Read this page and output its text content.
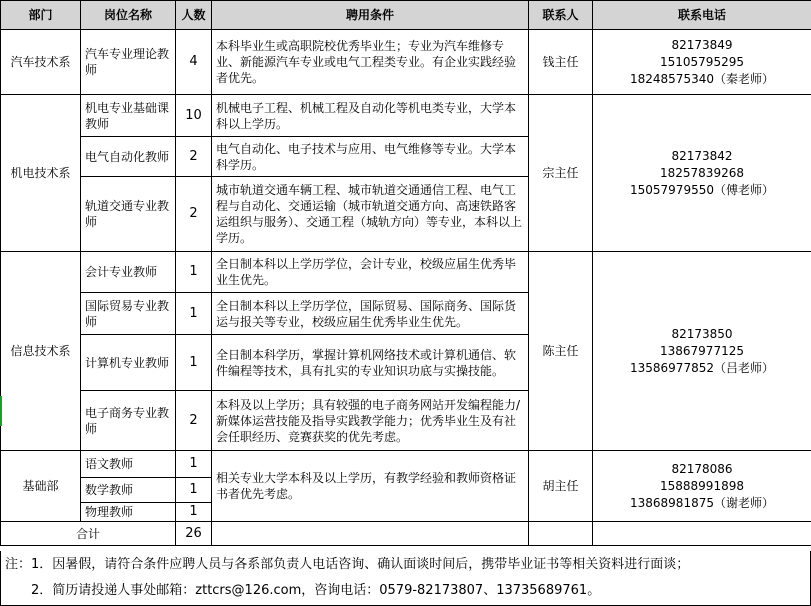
部门	岗位名称	人数	聘用条件	联系人	联系电话
汽车技术系	汽车专业理论教师	4	本科毕业生或高职院校优秀毕业生；专业为汽车维修专业、新能源汽车专业或电气工程类专业。有企业实践经验者优先。	钱主任	82173849
15105795295
18248575340（秦老师）

机电技术系	机电专业基础课教师	10	机械电子工程、机械工程及自动化等机电类专业，大学本科以上学历。	宗主任	82173842
18257839268
15057979550（傅老师）

	电气自动化教师	2	电气自动化、电子技术与应用、电气维修等专业。大学本科学历。		
	轨道交通专业教师	2	城市轨道交通车辆工程、城市轨道交通通信工程、电气工程与自动化、交通运输（城市轨道交通方向、高速铁路客运组织与服务）、交通工程（城轨方向）等专业，本科以上学历。		
信息技术系	会计专业教师	1	全日制本科以上学历学位，会计专业，校级应届生优秀毕业生优先。	陈主任	82173850
13867977125
13586977852（吕老师）

	国际贸易专业教师	1	全日制本科以上学历学位，国际贸易、国际商务、国际货运与报关等专业，校级应届生优秀毕业生优先。		
	计算机专业教师	1	全日制本科学历，掌握计算机网络技术或计算机通信、软件编程等技术，具有扎实的专业知识功底与实操技能。		
	电子商务专业教师	2	本科及以上学历；具有较强的电子商务网站开发编程能力/新媒体运营技能及指导实践教学能力；优秀毕业生及有社会任职经历、竞赛获奖的优先考虑。		
基础部	语文教师	1	相关专业大学本科及以上学历，有教学经验和教师资格证书者优先考虑。	胡主任	82178086
15888991898
13868981875（谢老师）

	数学教师	1			
	物理教师	1			
合计		26			
注：1．因暑假，请符合条件应聘人员与各系部负责人电话咨询、确认面谈时间后，携带毕业证书等相关资料进行面谈；
2．简历请投递人事处邮箱：zttcrs@126.com，咨询电话：0579-82173807、13735689761。
